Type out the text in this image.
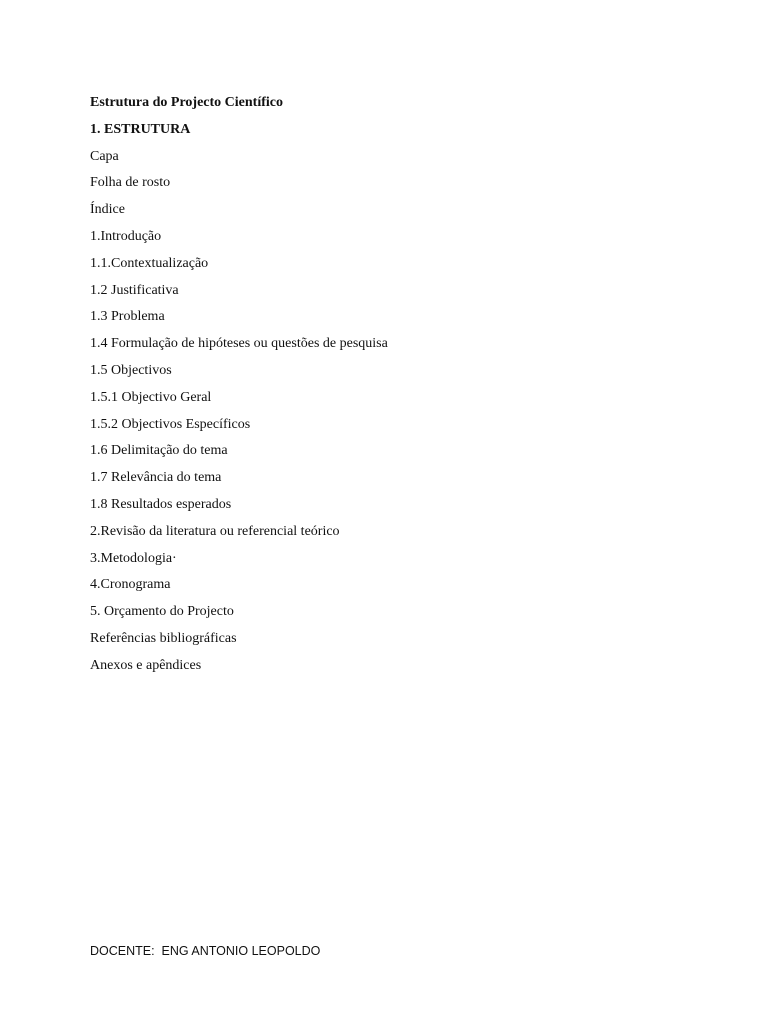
Estrutura do Projecto Científico
1. ESTRUTURA
Capa
Folha de rosto
Índice
1.Introdução
1.1.Contextualização
1.2 Justificativa
1.3 Problema
1.4 Formulação de hipóteses ou questões de pesquisa
1.5 Objectivos
1.5.1 Objectivo Geral
1.5.2 Objectivos Específicos
1.6 Delimitação do tema
1.7 Relevância do tema
1.8 Resultados esperados
2.Revisão da literatura ou referencial teórico
3.Metodologia·
4.Cronograma
5. Orçamento do Projecto
Referências bibliográficas
Anexos e apêndices
DOCENTE:  ENG ANTONIO LEOPOLDO
